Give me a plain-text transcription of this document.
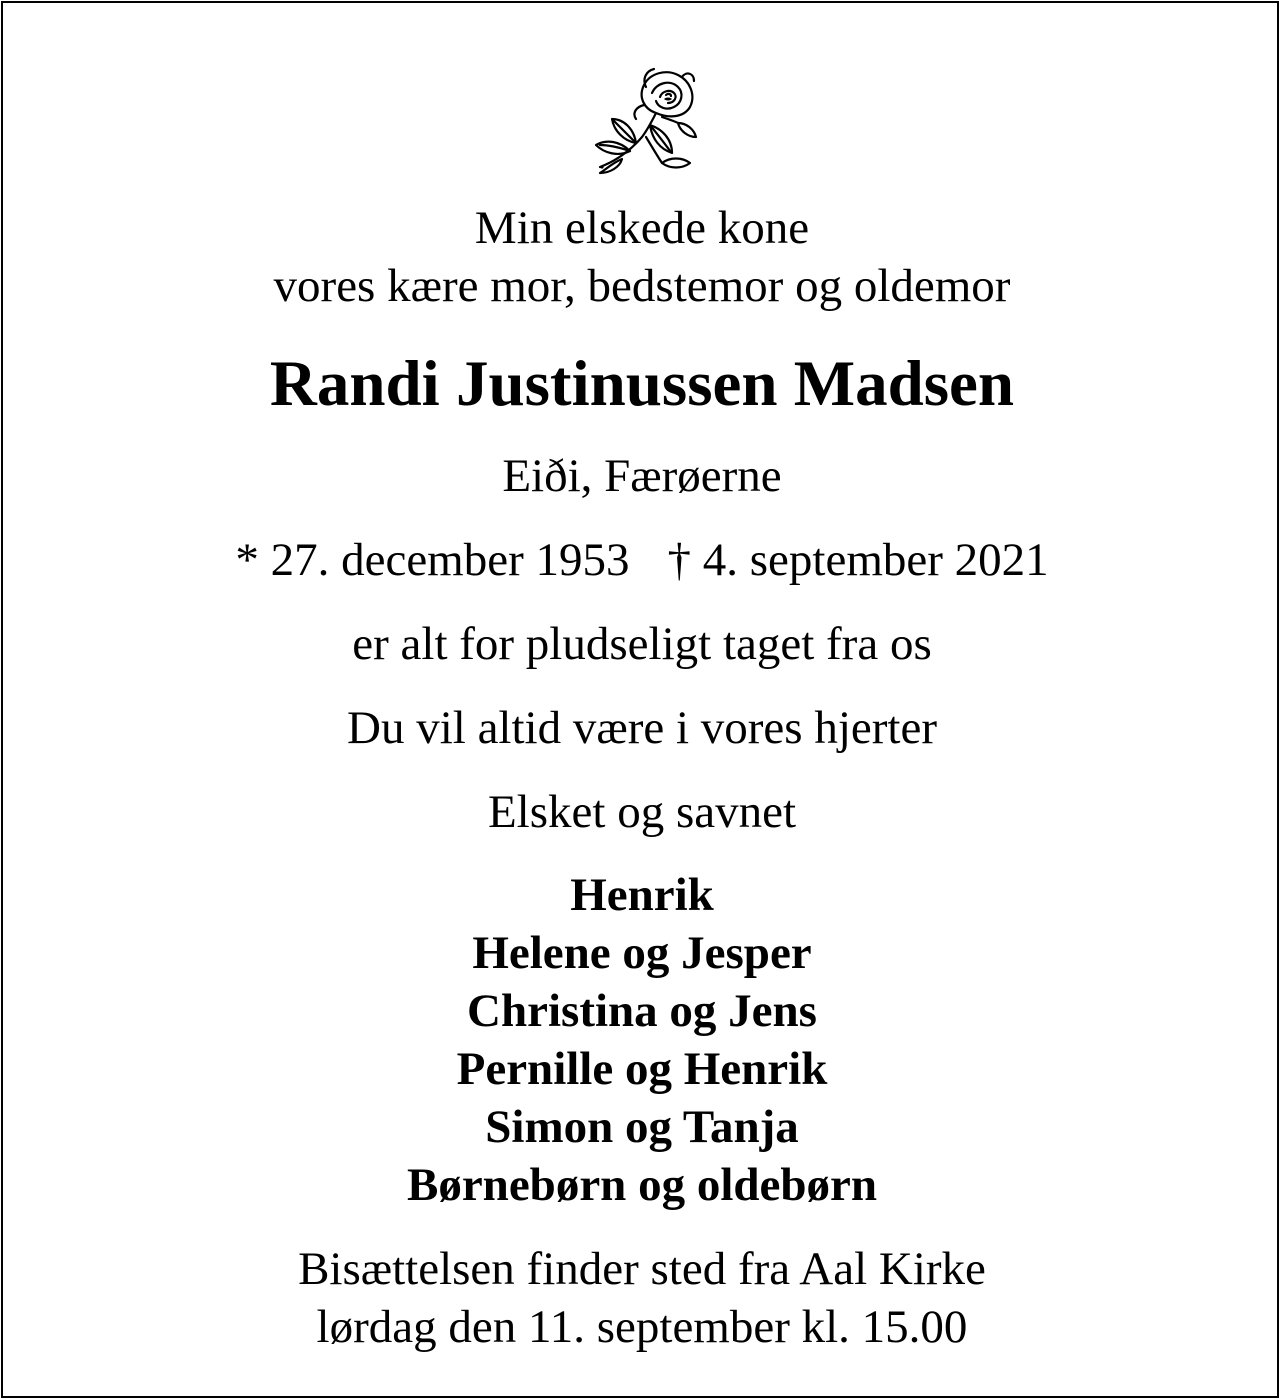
Min elskede kone

vores kære mor, bedstemor og oldemor

Randi Justinussen Madsen

Eiði, Færøerne

* 27. december 1953 † 4. september 2021

er alt for pludseligt taget fra os

Du vil altid være i vores hjerter

Elsket og savnet

Henrik

Helene og Jesper

Christina og Jens

Pernille og Henrik

Simon og Tanja

Børnebørn og oldebørn

Bisættelsen finder sted fra Aal Kirke

lørdag den 11. september kl. 15.00
